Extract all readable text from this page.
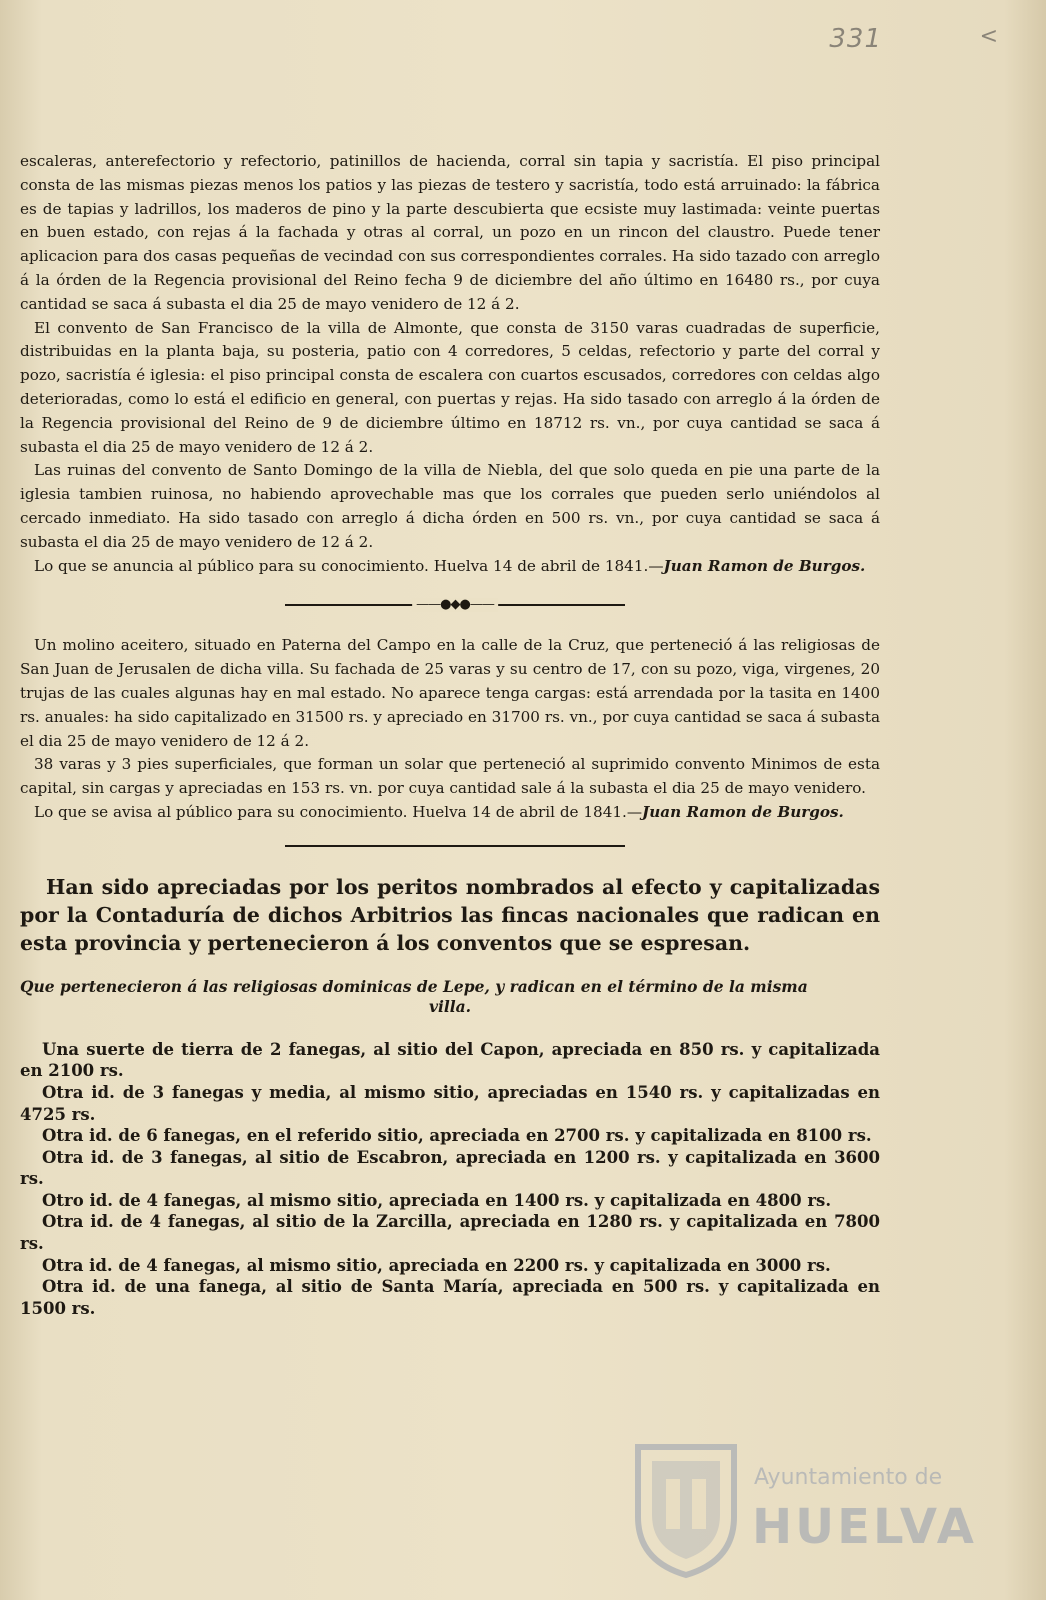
331	<

escaleras, anterefectorio y refectorio, patinillos de hacienda, corral sin tapia y sacristía. El piso principal consta de las mismas piezas menos los patios y las piezas de testero y sacristía, todo está arruinado: la fábrica es de tapias y ladrillos, los maderos de pino y la parte descubierta que ecsiste muy lastimada: veinte puertas en buen estado, con rejas á la fachada y otras al corral, un pozo en un rincon del claustro. Puede tener aplicacion para dos casas pequeñas de vecindad con sus correspondientes corrales. Ha sido tazado con arreglo á la órden de la Regencia provisional del Reino fecha 9 de diciembre del año último en 16480 rs., por cuya cantidad se saca á subasta el dia 25 de mayo venidero de 12 á 2.

El convento de San Francisco de la villa de Almonte, que consta de 3150 varas cuadradas de superficie, distribuidas en la planta baja, su posteria, patio con 4 corredores, 5 celdas, refectorio y parte del corral y pozo, sacristía é iglesia: el piso principal consta de escalera con cuartos escusados, corredores con celdas algo deterioradas, como lo está el edificio en general, con puertas y rejas. Ha sido tasado con arreglo á la órden de la Regencia provisional del Reino de 9 de diciembre último en 18712 rs. vn., por cuya cantidad se saca á subasta el dia 25 de mayo venidero de 12 á 2.

Las ruinas del convento de Santo Domingo de la villa de Niebla, del que solo queda en pie una parte de la iglesia tambien ruinosa, no habiendo aprovechable mas que los corrales que pueden serlo uniéndolos al cercado inmediato. Ha sido tasado con arreglo á dicha órden en 500 rs. vn., por cuya cantidad se saca á subasta el dia 25 de mayo venidero de 12 á 2.

Lo que se anuncia al público para su conocimiento. Huelva 14 de abril de 1841.—Juan Ramon de Burgos.

——●◆●——

Un molino aceitero, situado en Paterna del Campo en la calle de la Cruz, que perteneció á las religiosas de San Juan de Jerusalen de dicha villa. Su fachada de 25 varas y su centro de 17, con su pozo, viga, virgenes, 20 trujas de las cuales algunas hay en mal estado. No aparece tenga cargas: está arrendada por la tasita en 1400 rs. anuales: ha sido capitalizado en 31500 rs. y apreciado en 31700 rs. vn., por cuya cantidad se saca á subasta el dia 25 de mayo venidero de 12 á 2.

38 varas y 3 pies superficiales, que forman un solar que perteneció al suprimido convento Minimos de esta capital, sin cargas y apreciadas en 153 rs. vn. por cuya cantidad sale á la subasta el dia 25 de mayo venidero.

Lo que se avisa al público para su conocimiento. Huelva 14 de abril de 1841.—Juan Ramon de Burgos.

Han sido apreciadas por los peritos nombrados al efecto y capitalizadas por la Contaduría de dichos Arbitrios las fincas nacionales que radican en esta provincia y pertenecieron á los conventos que se espresan.

Que pertenecieron á las religiosas dominicas de Lepe, y radican en el término de la misma
villa.

Una suerte de tierra de 2 fanegas, al sitio del Capon, apreciada en 850 rs. y capitalizada en 2100 rs.

Otra id. de 3 fanegas y media, al mismo sitio, apreciadas en 1540 rs. y capitalizadas en 4725 rs.

Otra id. de 6 fanegas, en el referido sitio, apreciada en 2700 rs. y capitalizada en 8100 rs.

Otra id. de 3 fanegas, al sitio de Escabron, apreciada en 1200 rs. y capitalizada en 3600 rs.

Otro id. de 4 fanegas, al mismo sitio, apreciada en 1400 rs. y capitalizada en 4800 rs.

Otra id. de 4 fanegas, al sitio de la Zarcilla, apreciada en 1280 rs. y capitalizada en 7800 rs.

Otra id. de 4 fanegas, al mismo sitio, apreciada en 2200 rs. y capitalizada en 3000 rs.

Otra id. de una fanega, al sitio de Santa María, apreciada en 500 rs. y capitalizada en 1500 rs.

Ayuntamiento de
HUELVA
